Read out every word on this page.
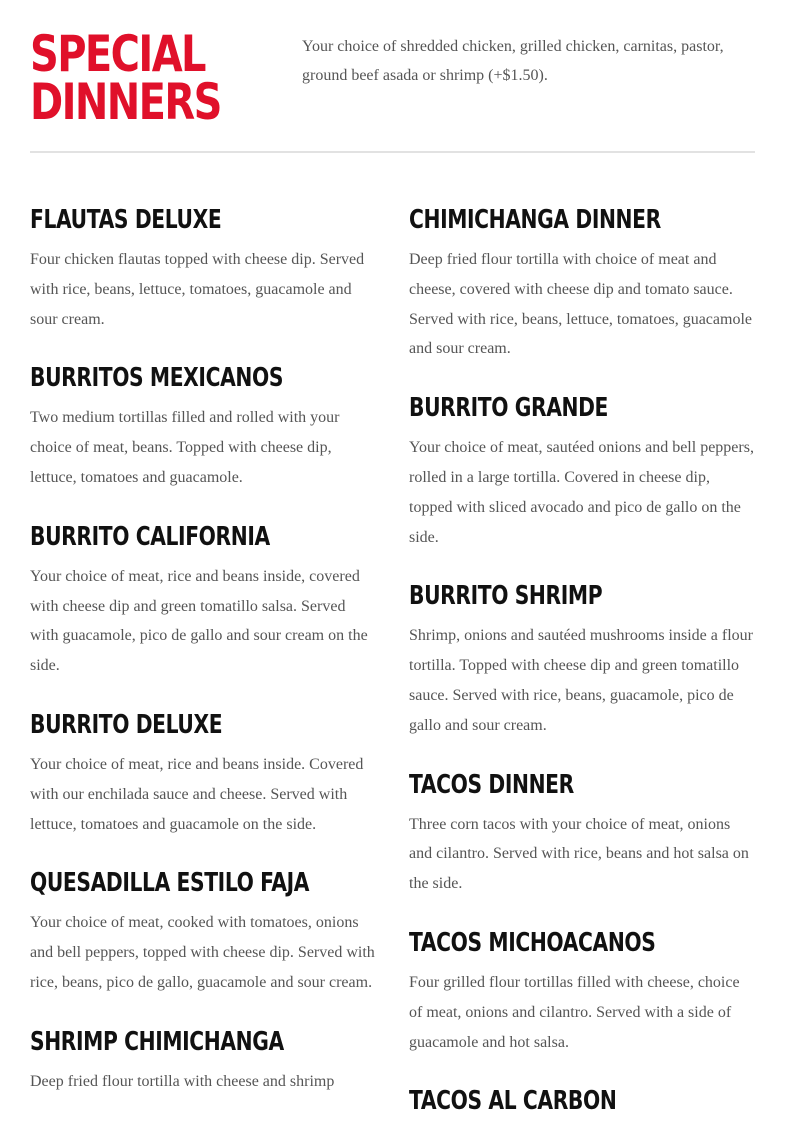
SPECIAL
DINNERS

Your choice of shredded chicken, grilled chicken, carnitas, pastor, ground beef asada or shrimp (+$1.50).

FLAUTAS DELUXE

Four chicken flautas topped with cheese dip. Served with rice, beans, lettuce, tomatoes, guacamole and sour cream.

BURRITOS MEXICANOS

Two medium tortillas filled and rolled with your choice of meat, beans. Topped with cheese dip, lettuce, tomatoes and guacamole.

BURRITO CALIFORNIA

Your choice of meat, rice and beans inside, covered with cheese dip and green tomatillo salsa. Served with guacamole, pico de gallo and sour cream on the side.

BURRITO DELUXE

Your choice of meat, rice and beans inside. Covered with our enchilada sauce and cheese. Served with lettuce, tomatoes and guacamole on the side.

QUESADILLA ESTILO FAJA

Your choice of meat, cooked with tomatoes, onions and bell peppers, topped with cheese dip. Served with rice, beans, pico de gallo, guacamole and sour cream.

SHRIMP CHIMICHANGA

Deep fried flour tortilla with cheese and shrimp

CHIMICHANGA DINNER

Deep fried flour tortilla with choice of meat and cheese, covered with cheese dip and tomato sauce. Served with rice, beans, lettuce, tomatoes, guacamole and sour cream.

BURRITO GRANDE

Your choice of meat, sautéed onions and bell peppers, rolled in a large tortilla. Covered in cheese dip, topped with sliced avocado and pico de gallo on the side.

BURRITO SHRIMP

Shrimp, onions and sautéed mushrooms inside a flour tortilla. Topped with cheese dip and green tomatillo sauce. Served with rice, beans, guacamole, pico de gallo and sour cream.

TACOS DINNER

Three corn tacos with your choice of meat, onions and cilantro. Served with rice, beans and hot salsa on the side.

TACOS MICHOACANOS

Four grilled flour tortillas filled with cheese, choice of meat, onions and cilantro. Served with a side of guacamole and hot salsa.

TACOS AL CARBON
